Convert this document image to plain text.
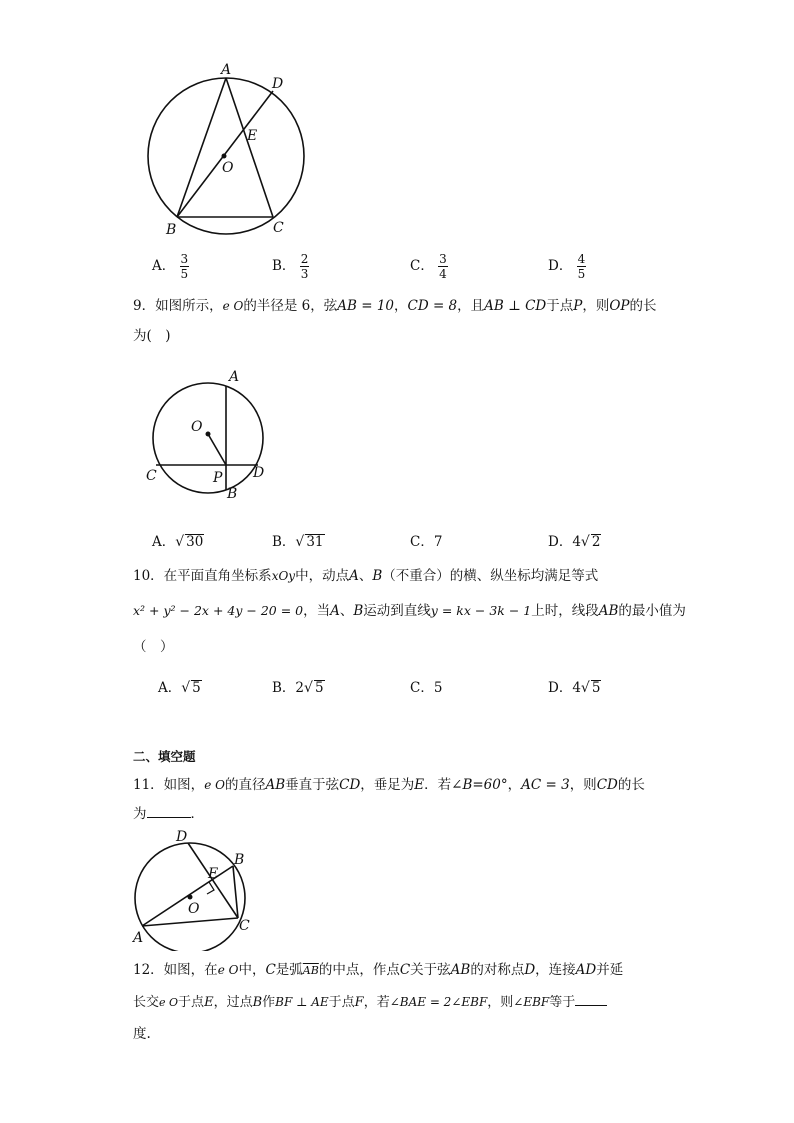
A
D
E
O
B	C
A． $\frac{3}{5}$	B． $\frac{2}{3}$	C． $\frac{3}{4}$	D． $\frac{4}{5}$
9．如图所示，e O的半径是 6，弦AB = 10，CD = 8，且AB ⊥ CD于点P，则OP的长
为(　)
A
O
C	P D
B
A．√ 30	B．√ 31	C．7	D．4√ 2
10．在平面直角坐标系xOy中，动点A、B（不重合）的横、纵坐标均满足等式
x² + y² − 2x + 4y − 20 = 0，当A、B运动到直线y = kx − 3k − 1上时，线段AB的最小值为
（　）
A．√ 5	B．2√ 5	C．5	D．4√ 5
二、填空题
11．如图，e O的直径AB垂直于弦CD，垂足为E．若∠B=60°，AC = 3，则CD的长
为	．
D
B
E
O
C
A
12．如图，在e O中，C是弧$\overline{AB}$的中点，作点C关于弦AB的对称点D，连接AD并延
长交e O于点E，过点B作BF ⊥ AE于点F，若∠BAE = 2∠EBF，则∠EBF等于
度.
